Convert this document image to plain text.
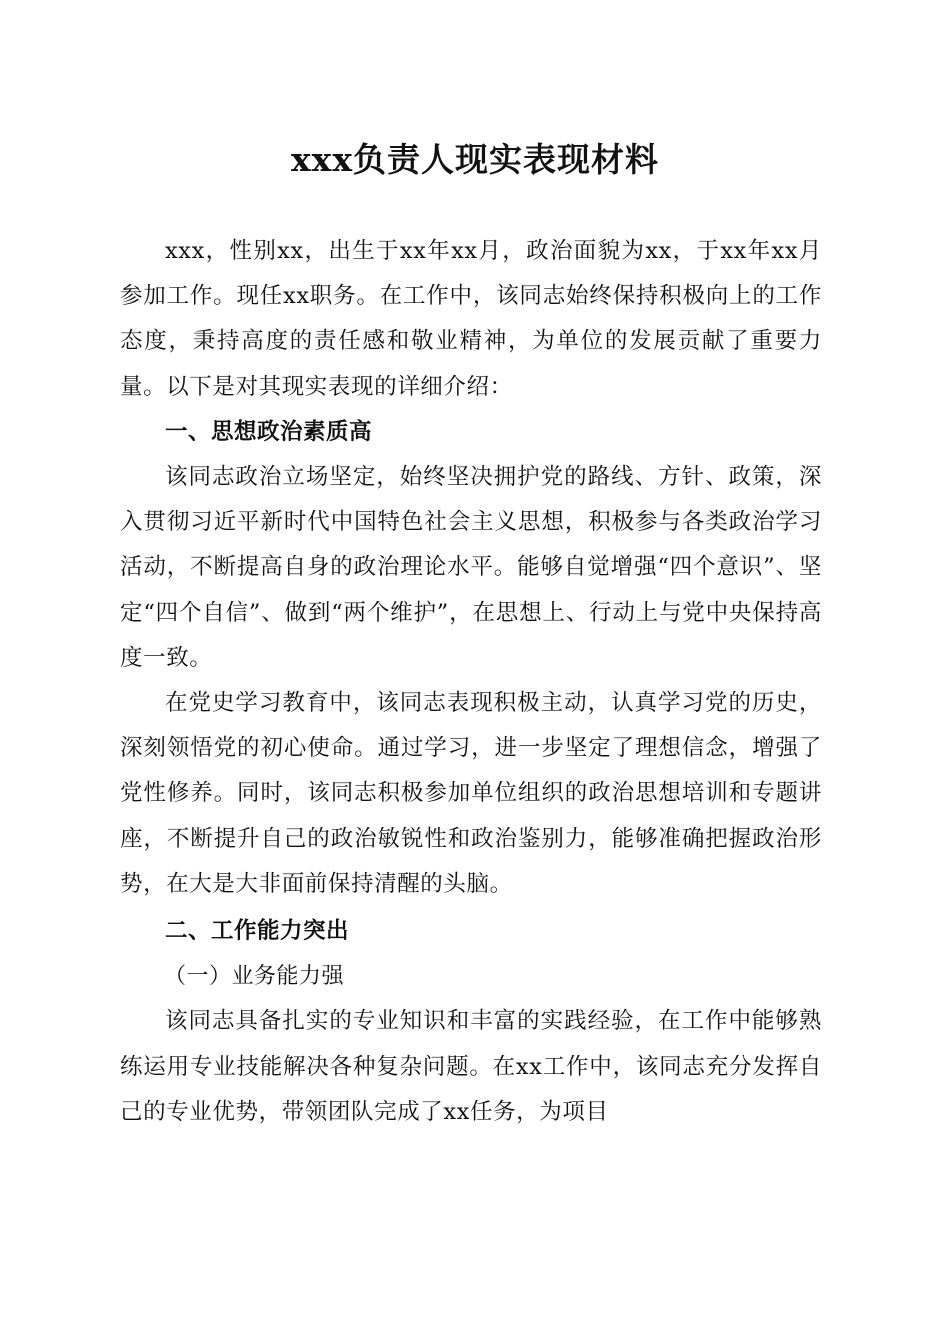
xxx负责人现实表现材料

xxx，性别xx，出生于xx年xx月，政治面貌为xx，于xx年xx月参加工作。现任xx职务。在工作中，该同志始终保持积极向上的工作态度，秉持高度的责任感和敬业精神，为单位的发展贡献了重要力量。以下是对其现实表现的详细介绍：

一、思想政治素质高

该同志政治立场坚定，始终坚决拥护党的路线、方针、政策，深入贯彻习近平新时代中国特色社会主义思想，积极参与各类政治学习活动，不断提高自身的政治理论水平。能够自觉增强“四个意识”、坚定“四个自信”、做到“两个维护”，在思想上、行动上与党中央保持高度一致。

在党史学习教育中，该同志表现积极主动，认真学习党的历史，深刻领悟党的初心使命。通过学习，进一步坚定了理想信念，增强了党性修养。同时，该同志积极参加单位组织的政治思想培训和专题讲座，不断提升自己的政治敏锐性和政治鉴别力，能够准确把握政治形势，在大是大非面前保持清醒的头脑。

二、工作能力突出

（一）业务能力强

该同志具备扎实的专业知识和丰富的实践经验，在工作中能够熟练运用专业技能解决各种复杂问题。在xx工作中，该同志充分发挥自己的专业优势，带领团队完成了xx任务，为项目
